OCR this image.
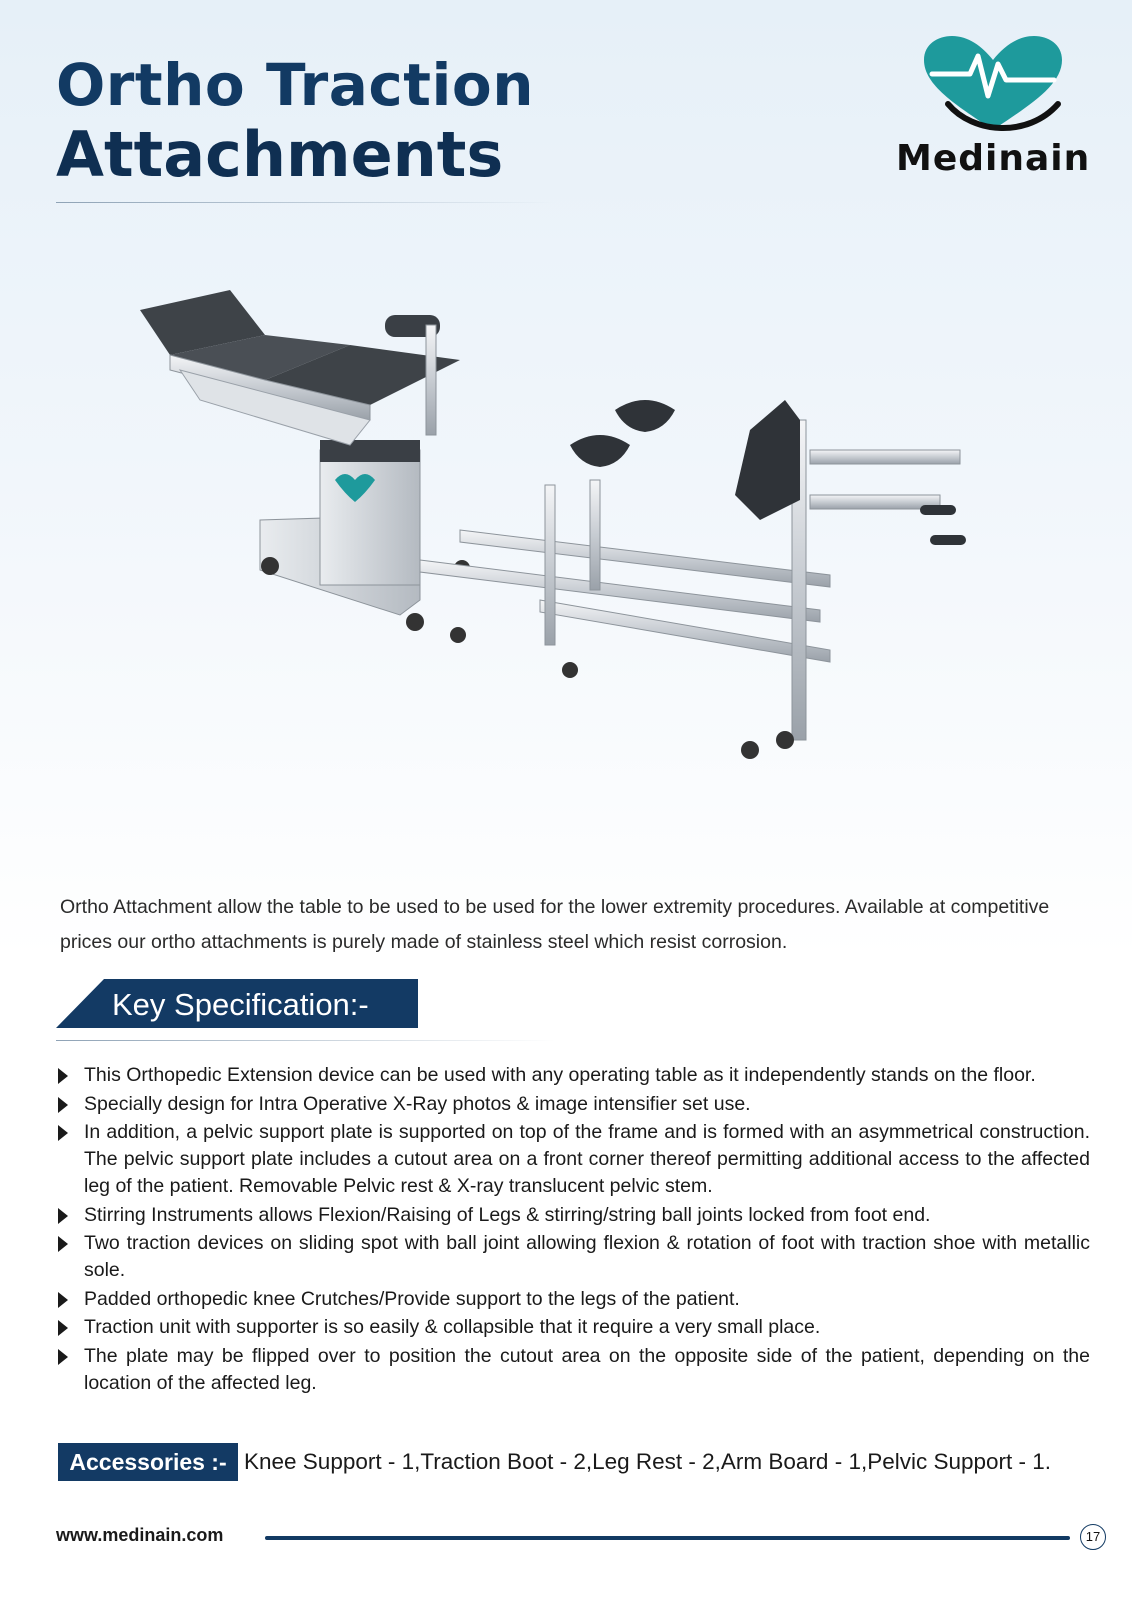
Ortho Traction
Attachments	Medinain

Ortho Attachment allow the table to be used to be used for the lower extremity procedures. Available at competitive prices our ortho attachments is purely made of stainless steel which resist corrosion.

Key Specification:-
This Orthopedic Extension device can be used with any operating table as it independently stands on the floor.
Specially design for Intra Operative X-Ray photos & image intensifier set use.
In addition, a pelvic support plate is supported on top of the frame and is formed with an asymmetrical construction. The pelvic support plate includes a cutout area on a front corner thereof permitting additional access to the affected leg of the patient. Removable Pelvic rest & X-ray translucent pelvic stem.
Stirring Instruments allows Flexion/Raising of Legs & stirring/string ball joints locked from foot end.
Two traction devices on sliding spot with ball joint allowing flexion & rotation of foot with traction shoe with metallic sole.
Padded orthopedic knee Crutches/Provide support to the legs of the patient.
Traction unit with supporter is so easily & collapsible that it require a very small place.
The plate may be flipped over to position the cutout area on the opposite side of the patient, depending on the location of the affected leg.
Accessories :- Knee Support - 1,Traction Boot - 2,Leg Rest - 2,Arm Board - 1,Pelvic Support - 1.
www.medinain.com	17
